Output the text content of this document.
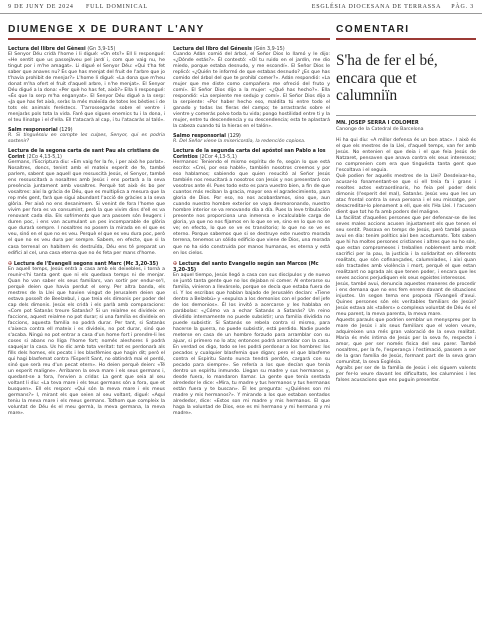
9 DE JUNY DE 2024 FULL DOMINICAL	ESGLÉSIA DIOCESANA DE TERRASSA PÀG. 3
DIUMENGE X DE DURANT L'ANY
Lectura del llibre del Gènesi (Gn 3,9-15)

El Senyor Déu cridà l'home i li digué: «On ets?» Ell li respongué: «He sentit que us passejàveu pel jardí i, com que vaig nu, he tingut por i m'he amagat». Li digué el Senyor Déu: «Qui t'ha fet saber que anaves nu? És que has menjat del fruit de l'arbre que jo t'havia prohibit de menjar?» L'home li digué: «La dona que m'heu donat m'ha ofert el fruit d'aquell arbre, i n'he menjat». El Senyor Déu digué a la dona: «Per què ho has fet, això?» Ella li respongué: «És que la serp m'ha enganyat». El Senyor Déu digué a la serp: «Ja que has fet això, seràs la més maleïda de totes les bèsties i de tots els animals feréstecs. T'arrossegaràs sobre el ventre i menjaràs pols tota la vida. Faré que siguen enemics tu i la dona, i el teu llinatge i el d'ella. Ell t'atacarà al cap, i tu l'atacaràs al taló».

Salm responsorial (129)

R. Si tinguéssiu en compte les culpes, Senyor, qui es podria sostenir?

Lectura de la segona carta de sant Pau als cristians de Corint (2Co 4,13-5,1)

Germans, l'Escriptura diu: «Em vaig fer la fe, i per això he parlat». Nosaltres, doncs, tenint amb el mateix esperit de fe, també parlem, sabent que aquell que ressuscità Jesús, el Senyor, també ens ressuscitarà a nosaltres amb Jesús i ens portarà a la seva presència juntament amb vosaltres. Perquè tot això és bo per vosaltres: així la gràcia de Déu, que es multiplica a mesura que la rep més gent, farà que sigui abundant l'acció de gràcies a la seva glòria. Per això no ens desanimem. Si venint de fora l'home que vivim per fora es va consumint, però la que vivim dins d'ell es va renovant cada dia. Els sofriments que ara passem són lleugers i duren poc, i ens van acumulant un pes incomparable de glòria que durarà sempre. I nosaltres no posem la mirada en el que es veu, sinó en el que no es veu. Perquè el que es veu dura poc, però el que no es veu dura per sempre. Sabem, en efecte, que si la casa terrenal on habitem és destruïda, Déu ens té preparat un edifici al cel, una casa eterna que no és feta per mans d'home.

✠ Lectura de l'Evangeli segons sant Marc (Mc 3,20-35)

En aquell temps, Jesús entrà a casa amb els deixebles, i tornà a reunir-s'hi tanta gent que ni els quedava temps ni de menjar. Quan ho van saber els seus familiars, van sortir per endur-se'l, perquè deien que havia perdut el seny. Per altra banda, els mestres de la Llei que havien vingut de Jerusalem deien que estava posseït de Beelzebul, i que treia els dimonis per poder del cap dels dimonis. Jesús els cridà i els parlà amb comparacions: «Com pot Satanàs treure Satanàs? Si un reialme es divideix en faccions, aquest reialme no pot durar; si una família es divideix en faccions, aquesta família no podrà durar. Per tant, si Satanàs s'aixeca contra ell mateix i es divideix, no pot durar, sinó que s'acaba. Ningú no pot entrar a casa d'un home fort i prendre-li les coses si abans no lliga l'home fort; només aleshores li podrà saquejar la casa. Us ho dic amb tota veritat: tot es perdonarà als fills dels homes, els pecats i les blasfèmies que hagin dit; però el qui hagi blasfemat contra l'Esperit Sant, no obtindrà mai el perdó, sinó que serà reu d'un pecat etern». Ho deien perquè deien: «Té un esperit maligne». Arribaren la seva mare i els seus germans i, quedant-se a fora, l'envien a cridar. La gent que seia al seu voltant li diu: «La teva mare i els teus germans són a fora, que et busquen». Ell els respon: «Qui són la meva mare i els meus germans?» I, mirant els que seien al seu voltant, digué: «Aquí teniu la meva mare i els meus germans. Tothom que compleix la voluntat de Déu és el meu germà, la meva germana, la meva mare».

Lectura del libro del Génesis (Gén 3,9-15)

Cuando Adán comió del árbol, el Señor Dios lo llamó y le dijo: «¿Dónde estás?». Él contestó: «Oí tu ruido en el jardín, me dio miedo, porque estaba desnudo, y me escondí». El Señor Dios le replicó: «¿Quién te informó de que estabas desnudo? ¿Es que has comido del árbol del que te prohibí comer?». Adán respondió: «La mujer que me diste como compañera me ofreció del fruto y comí». El Señor Dios dijo a la mujer: «¿Qué has hecho?». Ella respondió: «La serpiente me sedujo y comí». El Señor Dios dijo a la serpiente: «Por haber hecho eso, maldita tú entre todo el ganado y todas las fieras del campo; te arrastrarás sobre el vientre y comerás polvo toda tu vida; pongo hostilidad entre ti y la mujer, entre tu descendencia y su descendencia; esta te aplastará la cabeza cuando tú la hieras en el talón».

Salmo responsorial (129)

R. Del Señor viene la misericordia, la redención copiosa.

Lectura de la segunda carta del apóstol san Pablo a los Corintios (2Cor 4,13-5,1)

Hermanos: Teniendo el mismo espíritu de fe, según lo que está escrito: «Creí, por eso hablé», también nosotros creemos y por eso hablamos; sabiendo que quien resucitó al Señor Jesús también nos resucitará a nosotros con Jesús y nos presentará con vosotros ante él. Pues todo esto es para vuestro bien, a fin de que cuantos más reciban la gracia, mayor sea el agradecimiento, para gloria de Dios. Por eso, no nos acobardamos, sino que, aun cuando nuestro hombre exterior se vaya desmoronando, nuestro hombre interior se va renovando día a día. Pues la leve tribulación presente nos proporciona una inmensa e incalculable carga de gloria, ya que no nos fijamos en lo que se ve, sino en lo que no se ve; en efecto, lo que se ve es transitorio; lo que no se ve es eterno. Porque sabemos que si se destruye este nuestro morada terrena, tenemos un sólido edificio que viene de Dios, una morada que no ha sido construida por manos humanas, es eterna y está en los cielos.

✠ Lectura del santo Evangelio según san Marcos (Mc 3,20-35)

En aquel tiempo, Jesús llegó a casa con sus discípulos y de nuevo se juntó tanta gente que no los dejaban ni comer. Al enterarse su familia, vinieron a llevárselo, porque se decía que estaba fuera de sí. Y los escribas que habían bajado de Jerusalén decían: «Tiene dentro a Belzebú» y «expulsa a los demonios con el poder del jefe de los demonios». Él los invitó a acercarse y les hablaba en parábolas: «¿Cómo va a echar Satanás a Satanás? Un reino dividido internamente no puede subsistir; una familia dividida no puede subsistir. Si Satanás se rebela contra sí mismo, para hacerse la guerra, no puede subsistir, está perdido. Nadie puede meterse en casa de un hombre forzudo para arramblar con su ajuar, si primero no lo ata; entonces podrá arramblar con la casa. En verdad os digo, todo se les podrá perdonar a los hombres: los pecados y cualquier blasfemia que digan; pero el que blasfeme contra el Espíritu Santo nunca tendrá perdón, cargará con su pecado para siempre». Se refería a los que decían que tenía dentro un espíritu inmundo. Llegan su madre y sus hermanos y, desde fuera, lo mandaron llamar. La gente que tenía sentada alrededor le dice: «Mira, tu madre y tus hermanos y tus hermanas están fuera y te buscan». Él les pregunta: «¿Quiénes son mi madre y mis hermanos?». Y mirando a los que estaban sentados alrededor, dice: «Estos son mi madre y mis hermanos. El que haga la voluntad de Dios, ese es mi hermano y mi hermana y mi madre».

COMENTARI
S'ha de fer el bé, encara que et calumniïn
MN. JOSEP SERRA I COLOMER
Canonge de la Catedral de Barcelona

Hi ha qui diu: «A millor defensa és un bon atac». I això és el que els mestres de la Llei, d'aquell temps, van fer amb Jesús. No entenien el que deia i el que feia Jesús de Natzaret, pensaven que anava contra els seus interessos; no comprenien com era que tinguésta tanta gent que l'escoltava i el seguia.

Què podien fer aquells mestres de la Llei? Desdeixar-ho, acusar-lo fonamentant-se que si ell treia fa i grans i resoltes actes extraordinaris, ho feia pel poder dels dimonis (l'esperit del mal), Satanàs. Jesús veu que les un atac frontal contra la seva persona i el seu missatge, per desacreditar-lo plenament a ell, que els l'Ha Llei. I l'acusen dient que tot ho fa amb poders del maligne.

La facilitat d'aquelles persones que per defensar-se de les seves males accions acusen injustament els que tenen el seu sentit. Passava en temps de Jesús, però també passa avui en dia: tenim polítics així ben acostumats. Tots saben que hi ha moltes persones cristianes i altres que no ho són, que estan compromeses i treballen noblement amb molt sacrifici per la pau, la justícia i la solidaritat en diferents realitats, que són cofinançades, calumniades, i així quan són tractades amb violència i mort, perquè el que estan realitzant no agrada als que tenen poder, i encara que les seves accions perjudiquen els seus egoistes interessos.

Jesús, també avui, denuncia aquestes maneres de procedir i ens demana que no ens fem enrere davant de situacions injustes. Un segon tema ens proposa l'Evangeli d'avui. Quines persones són els veritables familiars de Jesús? Jesús estava als «tallers» o complexa voluntat de Déu és el meu parent, la meva parenta, la meva mare.

Aquests parauls que podrien semblar un menyspreu per la mare de Jesús i als seus familiars que el volen veure, adquireixen una més gran valoració de la seva realitat. Maria és més íntima de Jesús per la seva fe, respecte i amor, que per ser només física del seu parer. També nosaltres, per la fe, l'esperança i l'estimació, passem a ser de la gran família de Jesús, formant part de la seva gran comunitat, la seva Església.

Agraïts per ser de la família de Jesús i els siguem valents per fer-lo veure davant les dificultats, les calumnies i les falses acusacions que ens puguin presentar.
